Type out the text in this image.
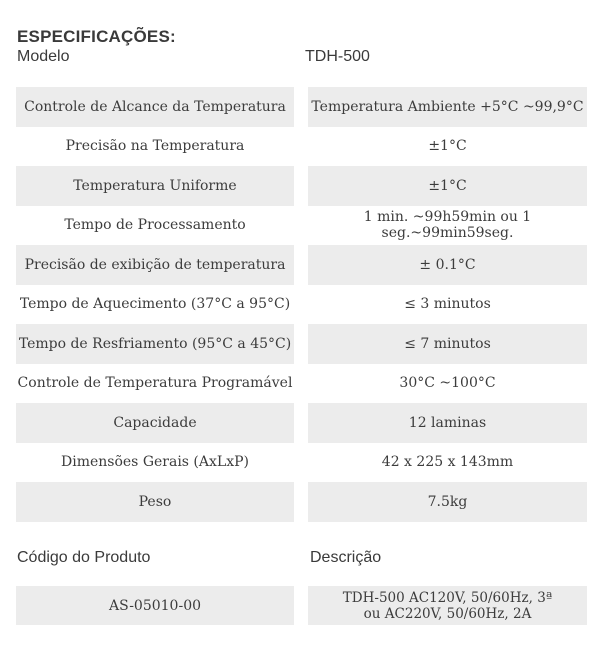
ESPECIFICAÇÕES:
Modelo	TDH-500
Controle de Alcance da Temperatura	Temperatura Ambiente +5°C ~99,9°C
Precisão na Temperatura	±1°C
Temperatura Uniforme	±1°C
Tempo de Processamento	1 min. ~99h59min ou 1 seg.~99min59seg.
Precisão de exibição de temperatura	± 0.1°C
Tempo de Aquecimento (37°C a 95°C)	≤ 3 minutos
Tempo de Resfriamento (95°C a 45°C)	≤ 7 minutos
Controle de Temperatura Programável	30°C ~100°C
Capacidade	12 laminas
Dimensões Gerais (AxLxP)	42 x 225 x 143mm
Peso	7.5kg
Código do Produto	Descrição
AS-05010-00	TDH-500 AC120V, 50/60Hz, 3ª
ou AC220V, 50/60Hz, 2A
